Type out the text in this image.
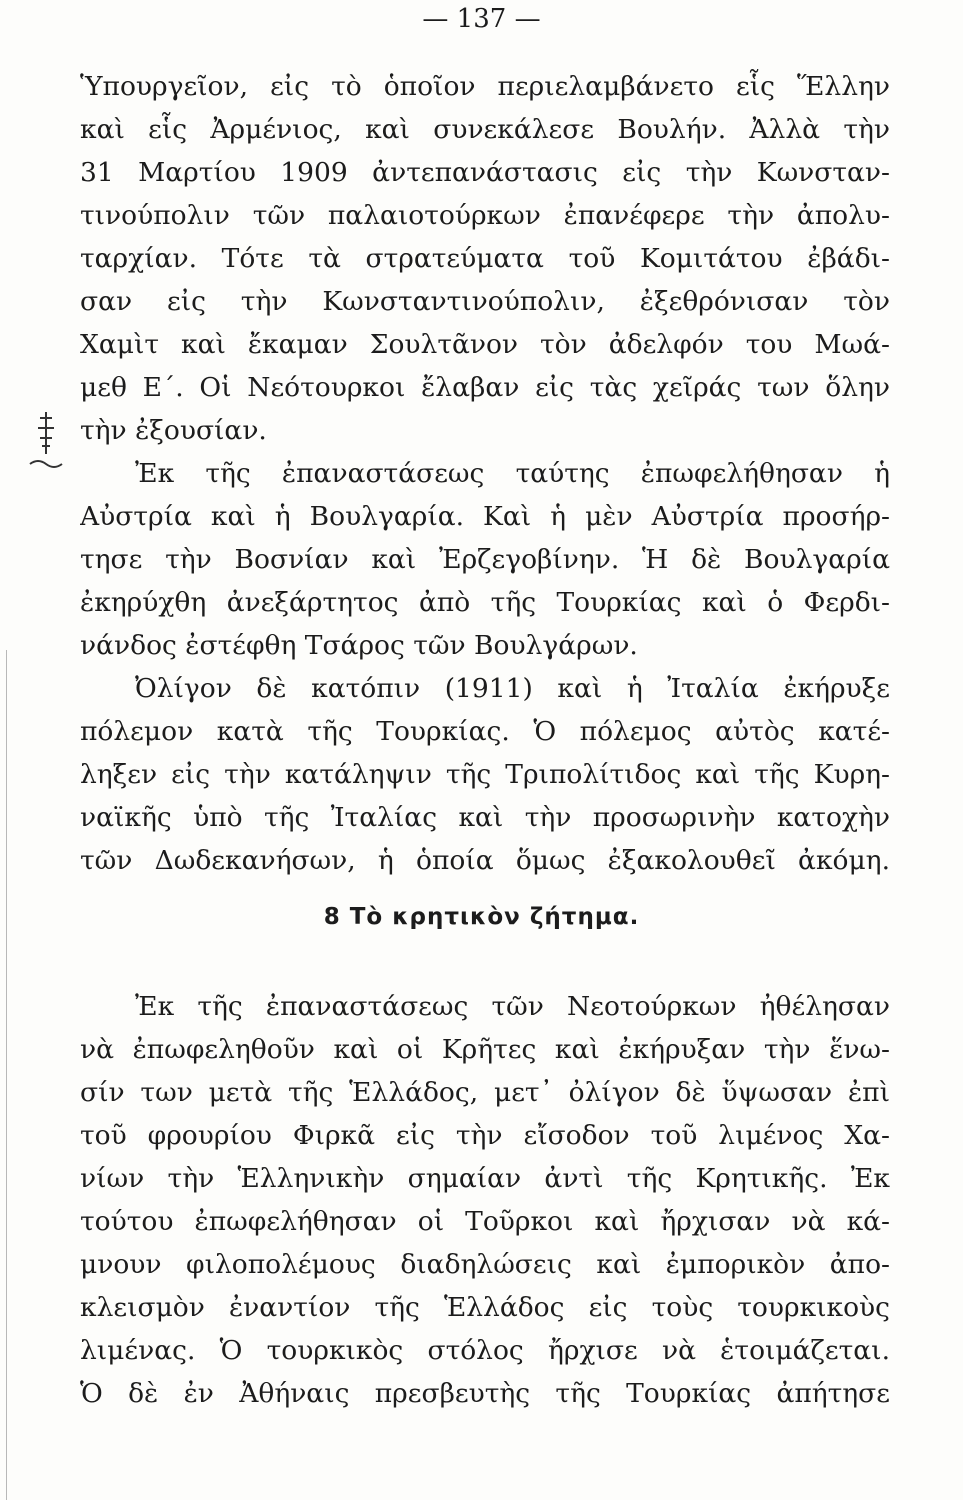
— 137 —
Ὑπουργεῖον, εἰς τὸ ὁποῖον περιελαμβάνετο εἷς Ἕλλην
καὶ εἷς Ἀρμένιος, καὶ συνεκάλεσε Βουλήν. Ἀλλὰ τὴν
31 Μαρτίου 1909 ἀντεπανάστασις εἰς τὴν Κωνσταν-
τινούπολιν τῶν παλαιοτούρκων ἐπανέφερε τὴν ἀπολυ-
ταρχίαν. Τότε τὰ στρατεύματα τοῦ Κομιτάτου ἐβάδι-
σαν εἰς τὴν Κωνσταντινούπολιν, ἐξεθρόνισαν τὸν
Χαμὶτ καὶ ἔκαμαν Σουλτᾶνον τὸν ἀδελφόν του Μωά-
μεθ Ε΄. Οἱ Νεότουρκοι ἔλαβαν εἰς τὰς χεῖράς των ὅλην
τὴν ἐξουσίαν.
Ἐκ τῆς ἐπαναστάσεως ταύτης ἐπωφελήθησαν ἡ
Αὐστρία καὶ ἡ Βουλγαρία. Καὶ ἡ μὲν Αὐστρία προσήρ-
τησε τὴν Βοσνίαν καὶ Ἐρζεγοβίνην. Ἡ δὲ Βουλγαρία
ἐκηρύχθη ἀνεξάρτητος ἀπὸ τῆς Τουρκίας καὶ ὁ Φερδι-
νάνδος ἐστέφθη Τσάρος τῶν Βουλγάρων.
Ὀλίγον δὲ κατόπιν (1911) καὶ ἡ Ἰταλία ἐκήρυξε
πόλεμον κατὰ τῆς Τουρκίας. Ὁ πόλεμος αὐτὸς κατέ-
ληξεν εἰς τὴν κατάληψιν τῆς Τριπολίτιδος καὶ τῆς Κυρη-
ναϊκῆς ὑπὸ τῆς Ἰταλίας καὶ τὴν προσωρινὴν κατοχὴν
τῶν Δωδεκανήσων, ἡ ὁποία ὅμως ἐξακολουθεῖ ἀκόμη.
8 Τὸ κρητικὸν ζήτημα.
Ἐκ τῆς ἐπαναστάσεως τῶν Νεοτούρκων ἠθέλησαν
νὰ ἐπωφεληθοῦν καὶ οἱ Κρῆτες καὶ ἐκήρυξαν τὴν ἕνω-
σίν των μετὰ τῆς Ἑλλάδος, μετ᾽ ὀλίγον δὲ ὕψωσαν ἐπὶ
τοῦ φρουρίου Φιρκᾶ εἰς τὴν εἴσοδον τοῦ λιμένος Χα-
νίων τὴν Ἑλληνικὴν σημαίαν ἀντὶ τῆς Κρητικῆς. Ἐκ
τούτου ἐπωφελήθησαν οἱ Τοῦρκοι καὶ ἤρχισαν νὰ κά-
μνουν φιλοπολέμους διαδηλώσεις καὶ ἐμπορικὸν ἀπο-
κλεισμὸν ἐναντίον τῆς Ἑλλάδος εἰς τοὺς τουρκικοὺς
λιμένας. Ὁ τουρκικὸς στόλος ἤρχισε νὰ ἑτοιμάζεται.
Ὁ δὲ ἐν Ἀθήναις πρεσβευτὴς τῆς Τουρκίας ἀπήτησε
